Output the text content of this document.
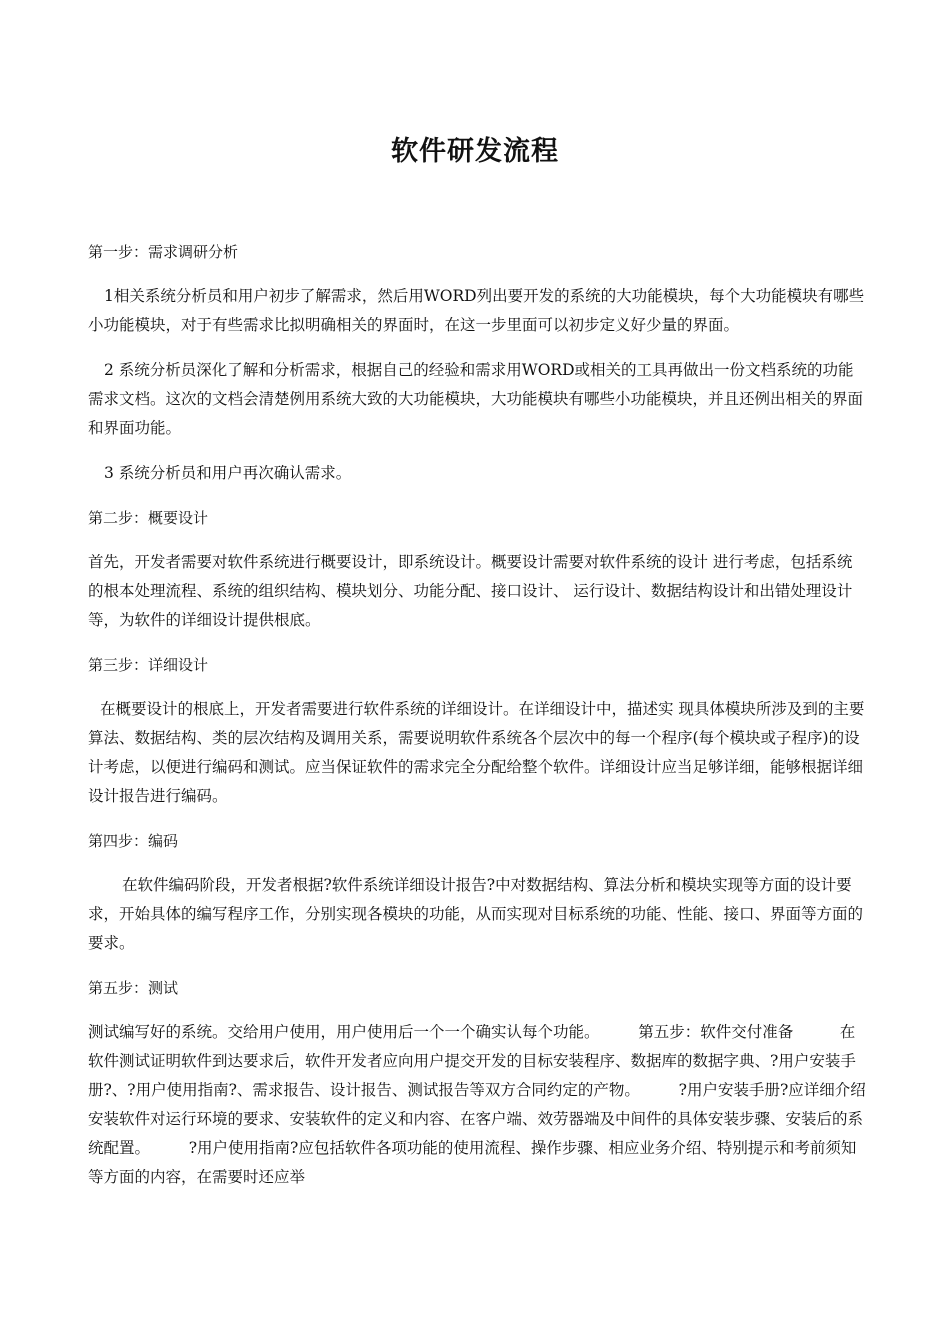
软件研发流程
第一步：需求调研分析
1相关系统分析员和用户初步了解需求，然后用WORD列出要开发的系统的大功能模块，每个大功能模块有哪些小功能模块，对于有些需求比拟明确相关的界面时，在这一步里面可以初步定义好少量的界面。
2 系统分析员深化了解和分析需求，根据自己的经验和需求用WORD或相关的工具再做出一份文档系统的功能需求文档。这次的文档会清楚例用系统大致的大功能模块，大功能模块有哪些小功能模块，并且还例出相关的界面和界面功能。
3 系统分析员和用户再次确认需求。
第二步：概要设计
首先，开发者需要对软件系统进行概要设计，即系统设计。概要设计需要对软件系统的设计 进行考虑，包括系统的根本处理流程、系统的组织结构、模块划分、功能分配、接口设计、 运行设计、数据结构设计和出错处理设计等，为软件的详细设计提供根底。
第三步：详细设计
在概要设计的根底上，开发者需要进行软件系统的详细设计。在详细设计中，描述实 现具体模块所涉及到的主要算法、数据结构、类的层次结构及调用关系，需要说明软件系统各个层次中的每一个程序(每个模块或子程序)的设计考虑，以便进行编码和测试。应当保证软件的需求完全分配给整个软件。详细设计应当足够详细，能够根据详细设计报告进行编码。
第四步：编码
在软件编码阶段，开发者根据?软件系统详细设计报告?中对数据结构、算法分析和模块实现等方面的设计要求，开始具体的编写程序工作，分别实现各模块的功能，从而实现对目标系统的功能、性能、接口、界面等方面的要求。
第五步：测试
测试编写好的系统。交给用户使用，用户使用后一个一个确实认每个功能。　　　第五步：软件交付准备　　　在软件测试证明软件到达要求后，软件开发者应向用户提交开发的目标安装程序、数据库的数据字典、?用户安装手册?、?用户使用指南?、需求报告、设计报告、测试报告等双方合同约定的产物。　　　?用户安装手册?应详细介绍安装软件对运行环境的要求、安装软件的定义和内容、在客户端、效劳器端及中间件的具体安装步骤、安装后的系统配置。　　　?用户使用指南?应包括软件各项功能的使用流程、操作步骤、相应业务介绍、特别提示和考前须知等方面的内容，在需要时还应举
